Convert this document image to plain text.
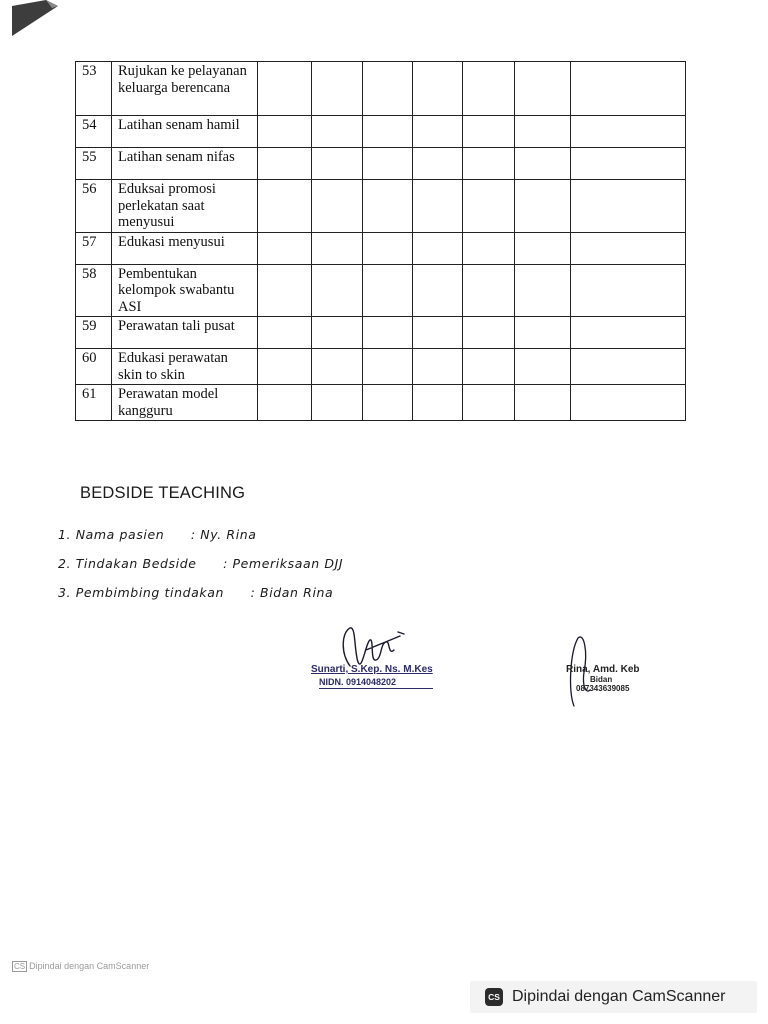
53	Rujukan ke pelayanan keluarga berencana							
54	Latihan senam hamil							
55	Latihan senam nifas							
56	Eduksai promosi perlekatan saat menyusui							
57	Edukasi menyusui							
58	Pembentukan kelompok swabantu ASI							
59	Perawatan tali pusat							
60	Edukasi perawatan skin to skin							
61	Perawatan model kangguru							
BEDSIDE TEACHING
1. Nama pasien : Ny. Rina
2. Tindakan Bedside : Pemeriksaan DJJ
3. Pembimbing tindakan : Bidan Rina
Sunarti, S.Kep. Ns. M.Kes
NIDN. 0914048202
Rina, Amd. Keb
Bidan
087343639085
CS Dipindai dengan CamScanner
CS Dipindai dengan CamScanner
